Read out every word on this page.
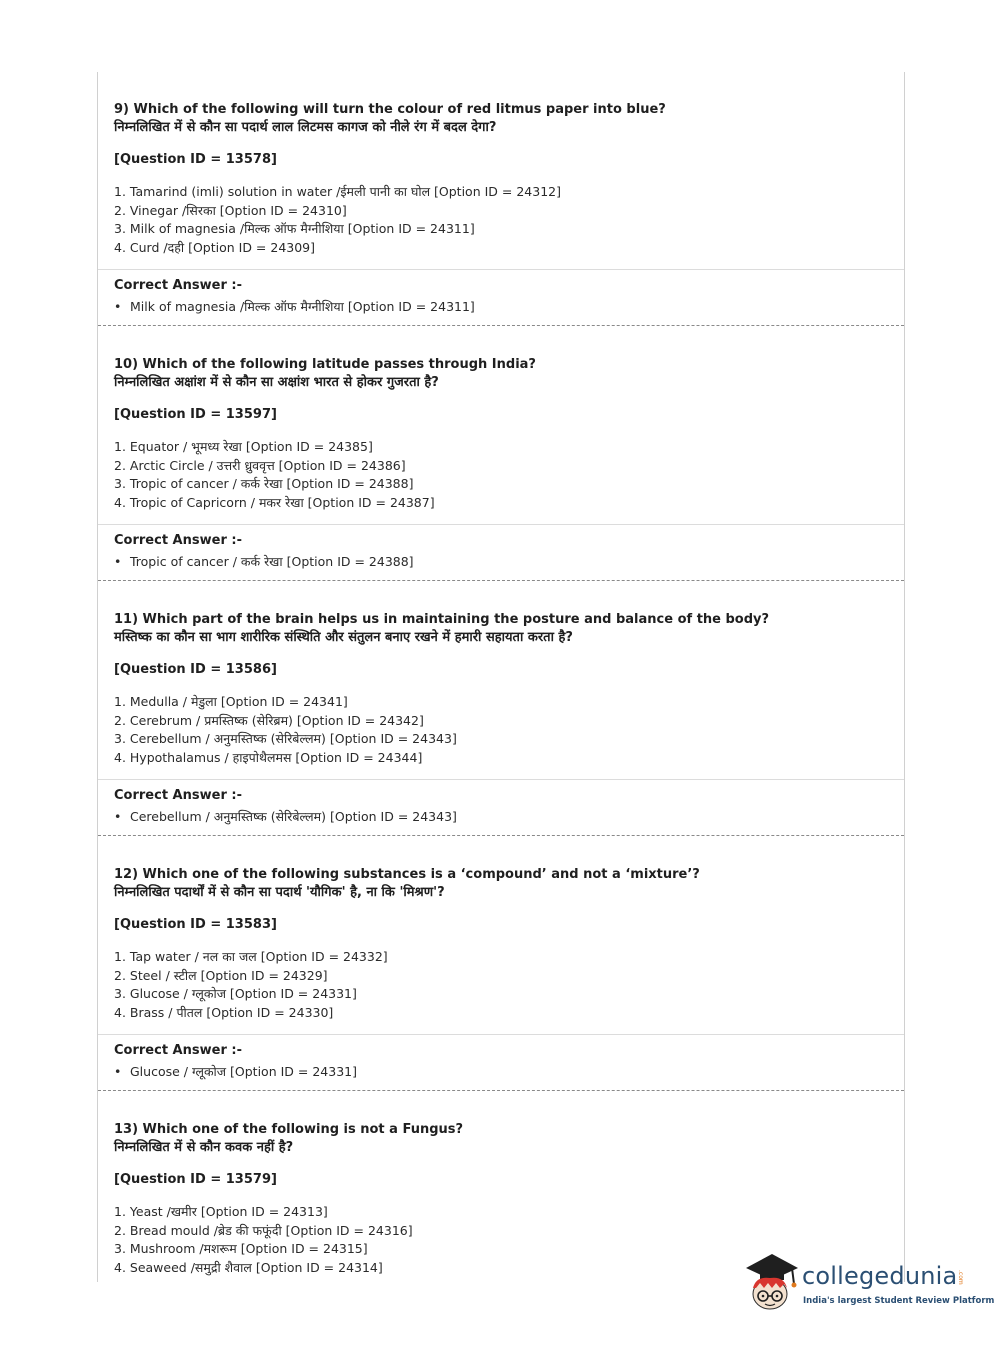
9) Which of the following will turn the colour of red litmus paper into blue?
निम्नलिखित में से कौन सा पदार्थ लाल लिटमस कागज को नीले रंग में बदल देगा?
[Question ID = 13578]
1. Tamarind (imli) solution in water /ईमली पानी का घोल [Option ID = 24312]
2. Vinegar /सिरका [Option ID = 24310]
3. Milk of magnesia /मिल्क ऑफ मैग्नीशिया [Option ID = 24311]
4. Curd /दही [Option ID = 24309]
Correct Answer :-
• Milk of magnesia /मिल्क ऑफ मैग्नीशिया [Option ID = 24311]
10) Which of the following latitude passes through India?
निम्नलिखित अक्षांश में से कौन सा अक्षांश भारत से होकर गुजरता है?
[Question ID = 13597]
1. Equator / भूमध्य रेखा [Option ID = 24385]
2. Arctic Circle / उत्तरी ध्रुववृत्त [Option ID = 24386]
3. Tropic of cancer / कर्क रेखा [Option ID = 24388]
4. Tropic of Capricorn / मकर रेखा [Option ID = 24387]
Correct Answer :-
• Tropic of cancer / कर्क रेखा [Option ID = 24388]
11) Which part of the brain helps us in maintaining the posture and balance of the body?
मस्तिष्क का कौन सा भाग शारीरिक संस्थिति और संतुलन बनाए रखने में हमारी सहायता करता है?
[Question ID = 13586]
1. Medulla / मेडुला [Option ID = 24341]
2. Cerebrum / प्रमस्तिष्क (सेरिब्रम) [Option ID = 24342]
3. Cerebellum / अनुमस्तिष्क (सेरिबेल्लम) [Option ID = 24343]
4. Hypothalamus / हाइपोथैलमस [Option ID = 24344]
Correct Answer :-
• Cerebellum / अनुमस्तिष्क (सेरिबेल्लम) [Option ID = 24343]
12) Which one of the following substances is a ‘compound’ and not a ‘mixture’?
निम्नलिखित पदार्थों में से कौन सा पदार्थ 'यौगिक' है, ना कि 'मिश्रण'?
[Question ID = 13583]
1. Tap water / नल का जल [Option ID = 24332]
2. Steel / स्टील [Option ID = 24329]
3. Glucose / ग्लूकोज [Option ID = 24331]
4. Brass / पीतल [Option ID = 24330]
Correct Answer :-
• Glucose / ग्लूकोज [Option ID = 24331]
13) Which one of the following is not a Fungus?
निम्नलिखित में से कौन कवक नहीं है?
[Question ID = 13579]
1. Yeast /खमीर [Option ID = 24313]
2. Bread mould /ब्रेड की फफूंदी [Option ID = 24316]
3. Mushroom /मशरूम [Option ID = 24315]
4. Seaweed /समुद्री शैवाल [Option ID = 24314]	collegedunia .com
India's largest Student Review Platform
